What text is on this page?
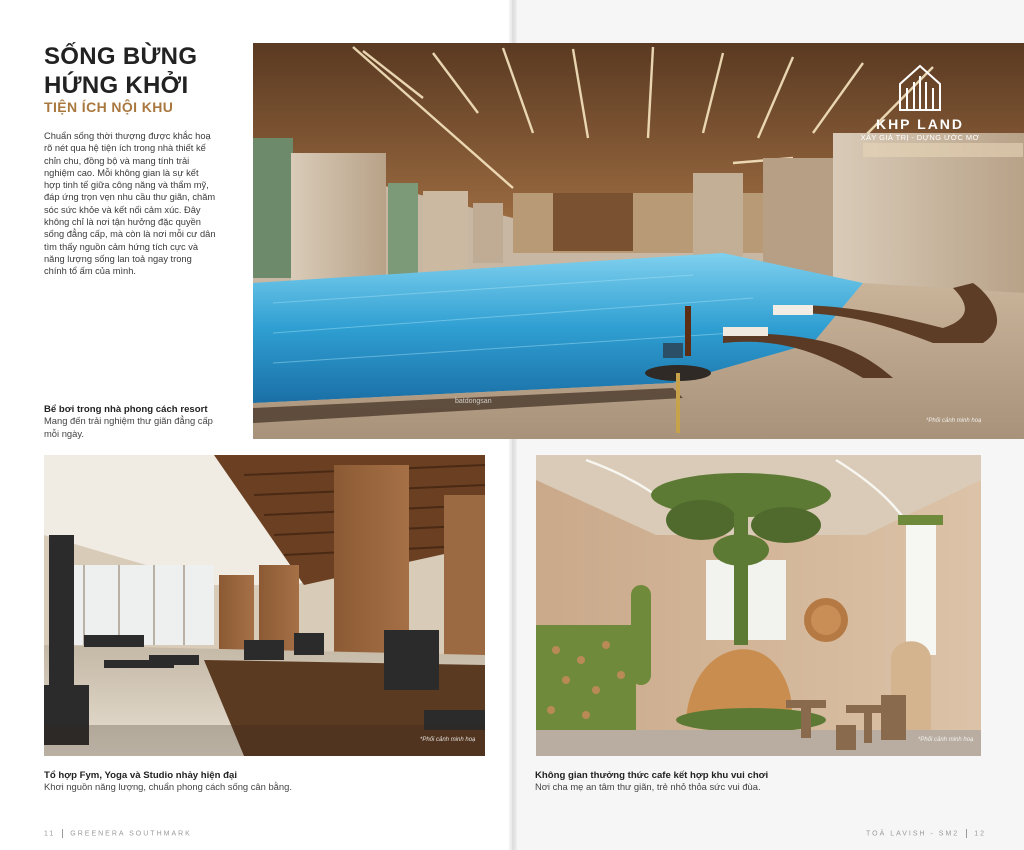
SỐNG BỪNG
HỨNG KHỞI
TIỆN ÍCH NỘI KHU

Chuẩn sống thời thượng được khắc hoạ rõ nét qua hệ tiện ích trong nhà thiết kế chỉn chu, đồng bộ và mang tính trải nghiệm cao. Mỗi không gian là sự kết hợp tinh tế giữa công năng và thẩm mỹ, đáp ứng trọn vẹn nhu cầu thư giãn, chăm sóc sức khỏe và kết nối cảm xúc. Đây không chỉ là nơi tận hưởng đặc quyền sống đẳng cấp, mà còn là nơi mỗi cư dân tìm thấy nguồn cảm hứng tích cực và năng lượng sống lan toả ngay trong chính tổ ấm của mình.

KHP LAND
XÂY GIÁ TRỊ - DỰNG ƯỚC MƠ
batdongsan
*Phối cảnh minh hoạ
Bể bơi trong nhà phong cách resort
Mang đến trải nghiệm thư giãn đẳng cấp mỗi ngày.
*Phối cảnh minh hoạ
Tổ hợp Fym, Yoga và Studio nhảy hiện đại
Khơi nguồn năng lượng, chuẩn phong cách sống cân bằng.
*Phối cảnh minh hoạ
Không gian thưởng thức cafe kết hợp khu vui chơi
Nơi cha mẹ an tâm thư giãn, trẻ nhỏ thỏa sức vui đùa.
11 GREENERA SOUTHMARK	TOÀ LAVISH - SM2 12
